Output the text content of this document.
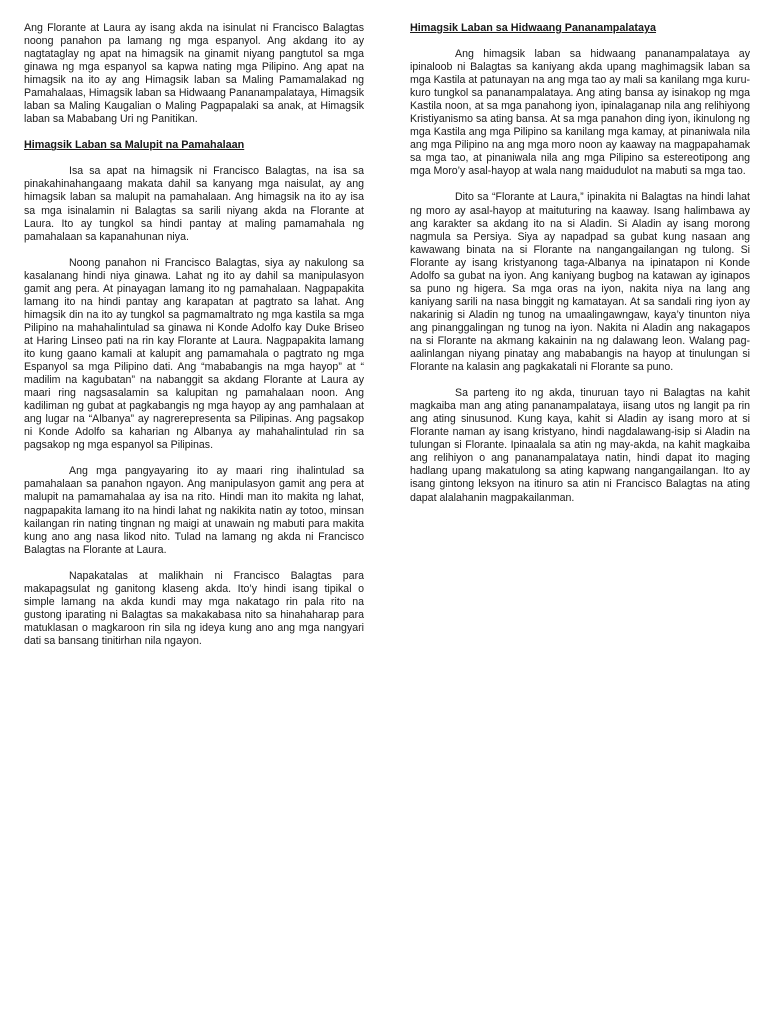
Ang Florante at Laura ay isang akda na isinulat ni Francisco Balagtas noong panahon pa lamang ng mga espanyol. Ang akdang ito ay nagtataglay ng apat na himagsik na ginamit niyang pangtutol sa mga ginawa ng mga espanyol sa kapwa nating mga Pilipino. Ang apat na himagsik na ito ay ang Himagsik laban sa Maling Pamamalakad ng Pamahalaas, Himagsik laban sa Hidwaang Pananampalataya, Himagsik laban sa Maling Kaugalian o Maling Pagpapalaki sa anak, at Himagsik laban sa Mababang Uri ng Panitikan.

Himagsik Laban sa Malupit na Pamahalaan

Isa sa apat na himagsik ni Francisco Balagtas, na isa sa pinakahinahangaang makata dahil sa kanyang mga naisulat, ay ang himagsik laban sa malupit na pamahalaan. Ang himagsik na ito ay isa sa mga isinalamin ni Balagtas sa sarili niyang akda na Florante at Laura. Ito ay tungkol sa hindi pantay at maling pamamahala ng pamahalaan sa kapanahunan niya.

Noong panahon ni Francisco Balagtas, siya ay nakulong sa kasalanang hindi niya ginawa. Lahat ng ito ay dahil sa manipulasyon gamit ang pera. At pinayagan lamang ito ng pamahalaan. Nagpapakita lamang ito na hindi pantay ang karapatan at pagtrato sa lahat. Ang himagsik din na ito ay tungkol sa pagmamaltrato ng mga kastila sa mga Pilipino na mahahalintulad sa ginawa ni Konde Adolfo kay Duke Briseo at Haring Linseo pati na rin kay Florante at Laura. Nagpapakita lamang ito kung gaano kamali at kalupit ang pamamahala o pagtrato ng mga Espanyol sa mga Pilipino dati. Ang “mababangis na mga hayop” at “ madilim na kagubatan” na nabanggit sa akdang Florante at Laura ay maari ring nagsasalamin sa kalupitan ng pamahalaan noon. Ang kadiliman ng gubat at pagkabangis ng mga hayop ay ang pamhalaan at ang lugar na “Albanya” ay nagrerepresenta sa Pilipinas. Ang pagsakop ni Konde Adolfo sa kaharian ng Albanya ay mahahalintulad rin sa pagsakop ng mga espanyol sa Pilipinas.

Ang mga pangyayaring ito ay maari ring ihalintulad sa pamahalaan sa panahon ngayon. Ang manipulasyon gamit ang pera at malupit na pamamahalaa ay isa na rito. Hindi man ito makita ng lahat, nagpapakita lamang ito na hindi lahat ng nakikita natin ay totoo, minsan kailangan rin nating tingnan ng maigi at unawain ng mabuti para makita kung ano ang nasa likod nito. Tulad na lamang ng akda ni Francisco Balagtas na Florante at Laura.

Napakatalas at malikhain ni Francisco Balagtas para makapagsulat ng ganitong klaseng akda. Ito’y hindi isang tipikal o simple lamang na akda kundi may mga nakatago rin pala rito na gustong iparating ni Balagtas sa makakabasa nito sa hinahaharap para matuklasan o magkaroon rin sila ng ideya kung ano ang mga nangyari dati sa bansang tinitirhan nila ngayon.

Himagsik Laban sa Hidwaang Pananampalataya

Ang himagsik laban sa hidwaang pananampalataya ay ipinaloob ni Balagtas sa kaniyang akda upang maghimagsik laban sa mga Kastila at patunayan na ang mga tao ay mali sa kanilang mga kuru-kuro tungkol sa pananampalataya. Ang ating bansa ay isinakop ng mga Kastila noon, at sa mga panahong iyon, ipinalaganap nila ang relihiyong Kristiyanismo sa ating bansa. At sa mga panahon ding iyon, ikinulong ng mga Kastila ang mga Pilipino sa kanilang mga kamay, at pinaniwala nila ang mga Pilipino na ang mga moro noon ay kaaway na magpapahamak sa mga tao, at pinaniwala nila ang mga Pilipino sa estereotipong ang mga Moro’y asal-hayop at wala nang maidudulot na mabuti sa mga tao.

Dito sa “Florante at Laura,” ipinakita ni Balagtas na hindi lahat ng moro ay asal-hayop at maituturing na kaaway. Isang halimbawa ay ang karakter sa akdang ito na si Aladin. Si Aladin ay isang morong nagmula sa Persiya. Siya ay napadpad sa gubat kung nasaan ang kawawang binata na si Florante na nangangailangan ng tulong. Si Florante ay isang kristyanong taga-Albanya na ipinatapon ni Konde Adolfo sa gubat na iyon. Ang kaniyang bugbog na katawan ay iginapos sa puno ng higera. Sa mga oras na iyon, nakita niya na lang ang kaniyang sarili na nasa binggit ng kamatayan. At sa sandali ring iyon ay nakarinig si Aladin ng tunog na umaalingawngaw, kaya’y tinunton niya ang pinanggalingan ng tunog na iyon. Nakita ni Aladin ang nakagapos na si Florante na akmang kakainin na ng dalawang leon. Walang pag-aalinlangan niyang pinatay ang mababangis na hayop at tinulungan si Florante na kalasin ang pagkakatali ni Florante sa puno.

Sa parteng ito ng akda, tinuruan tayo ni Balagtas na kahit magkaiba man ang ating pananampalataya, iisang utos ng langit pa rin ang ating sinusunod. Kung kaya, kahit si Aladin ay isang moro at si Florante naman ay isang kristyano, hindi nagdalawang-isip si Aladin na tulungan si Florante. Ipinaalala sa atin ng may-akda, na kahit magkaiba ang relihiyon o ang pananampalataya natin, hindi dapat ito maging hadlang upang makatulong sa ating kapwang nangangailangan. Ito ay isang gintong leksyon na itinuro sa atin ni Francisco Balagtas na ating dapat alalahanin magpakailanman.
